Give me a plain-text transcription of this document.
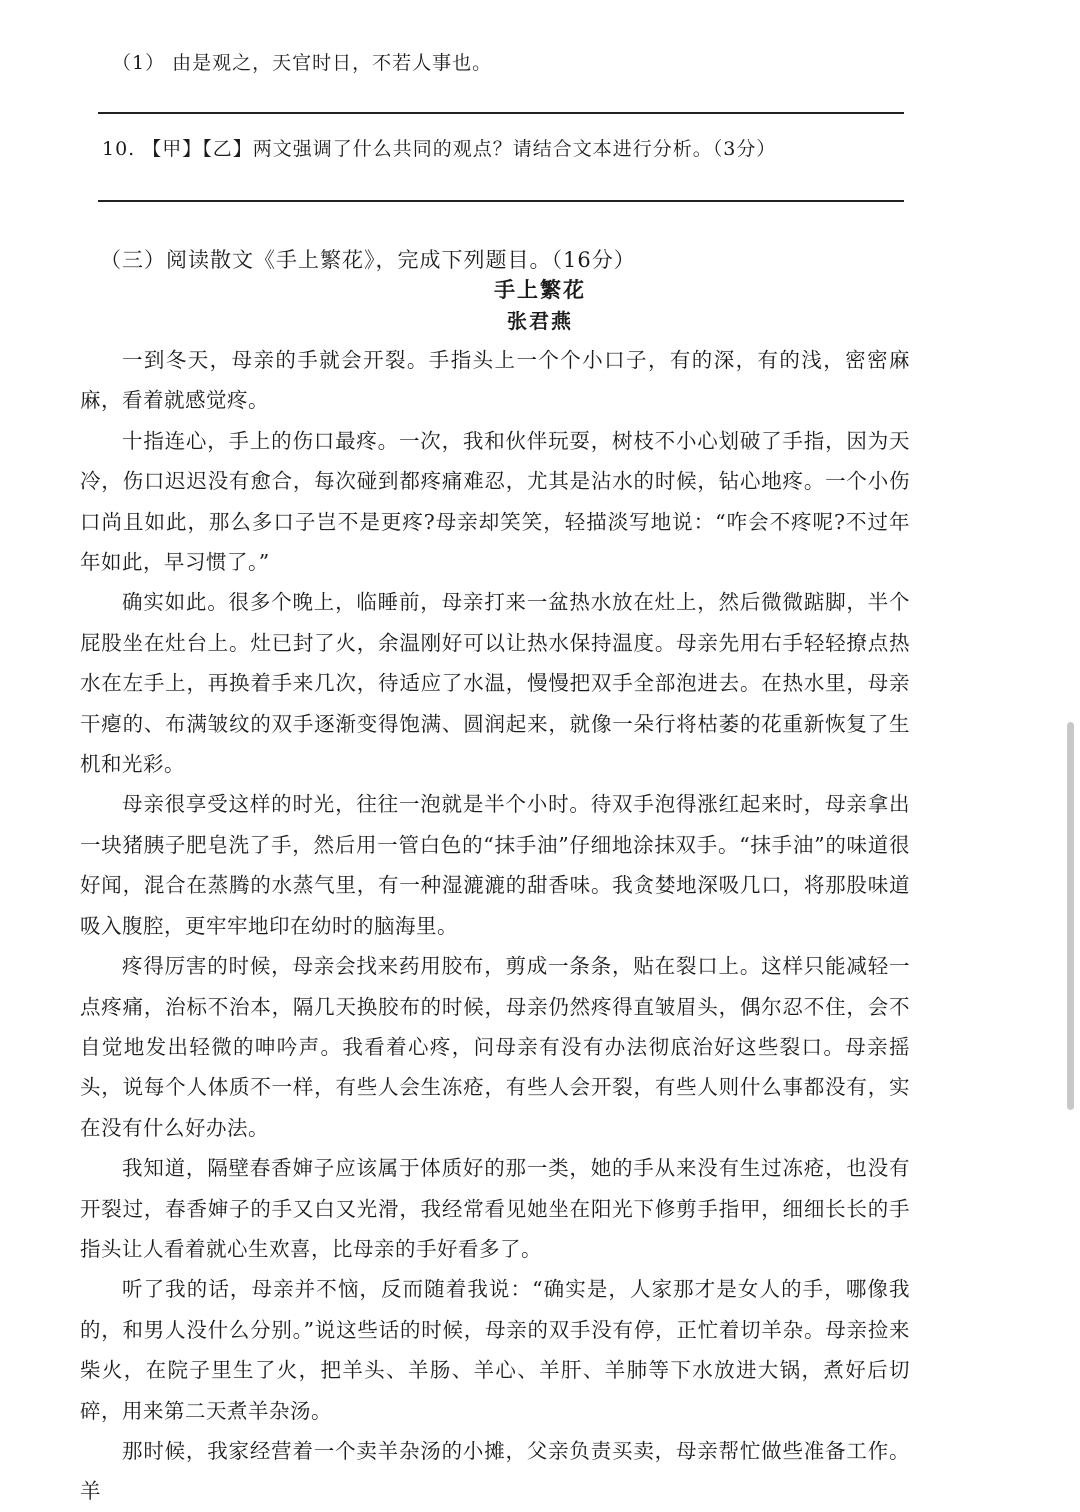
（1） 由是观之，天官时日，不若人事也。
10. 【甲】【乙】两文强调了什么共同的观点？请结合文本进行分析。（3分）
（三）阅读散文《手上繁花》，完成下列题目。（16分）
手上繁花
张君燕

一到冬天，母亲的手就会开裂。手指头上一个个小口子，有的深，有的浅，密密麻麻，看着就感觉疼。

十指连心，手上的伤口最疼。一次，我和伙伴玩耍，树枝不小心划破了手指，因为天冷，伤口迟迟没有愈合，每次碰到都疼痛难忍，尤其是沾水的时候，钻心地疼。一个小伤口尚且如此，那么多口子岂不是更疼?母亲却笑笑，轻描淡写地说：“咋会不疼呢?不过年年如此，早习惯了。”

确实如此。很多个晚上，临睡前，母亲打来一盆热水放在灶上，然后微微踮脚，半个屁股坐在灶台上。灶已封了火，余温刚好可以让热水保持温度。母亲先用右手轻轻撩点热水在左手上，再换着手来几次，待适应了水温，慢慢把双手全部泡进去。在热水里，母亲干瘪的、布满皱纹的双手逐渐变得饱满、圆润起来，就像一朵行将枯萎的花重新恢复了生机和光彩。

母亲很享受这样的时光，往往一泡就是半个小时。待双手泡得涨红起来时，母亲拿出一块猪胰子肥皂洗了手，然后用一管白色的“抹手油”仔细地涂抹双手。“抹手油”的味道很好闻，混合在蒸腾的水蒸气里，有一种湿漉漉的甜香味。我贪婪地深吸几口，将那股味道吸入腹腔，更牢牢地印在幼时的脑海里。

疼得厉害的时候，母亲会找来药用胶布，剪成一条条，贴在裂口上。这样只能减轻一点疼痛，治标不治本，隔几天换胶布的时候，母亲仍然疼得直皱眉头，偶尔忍不住，会不自觉地发出轻微的呻吟声。我看着心疼，问母亲有没有办法彻底治好这些裂口。母亲摇头，说每个人体质不一样，有些人会生冻疮，有些人会开裂，有些人则什么事都没有，实在没有什么好办法。

我知道，隔壁春香婶子应该属于体质好的那一类，她的手从来没有生过冻疮，也没有开裂过，春香婶子的手又白又光滑，我经常看见她坐在阳光下修剪手指甲，细细长长的手指头让人看着就心生欢喜，比母亲的手好看多了。

听了我的话，母亲并不恼，反而随着我说：“确实是，人家那才是女人的手，哪像我的，和男人没什么分别。”说这些话的时候，母亲的双手没有停，正忙着切羊杂。母亲捡来柴火，在院子里生了火，把羊头、羊肠、羊心、羊肝、羊肺等下水放进大锅，煮好后切碎，用来第二天煮羊杂汤。

那时候，我家经营着一个卖羊杂汤的小摊，父亲负责买卖，母亲帮忙做些准备工作。羊
